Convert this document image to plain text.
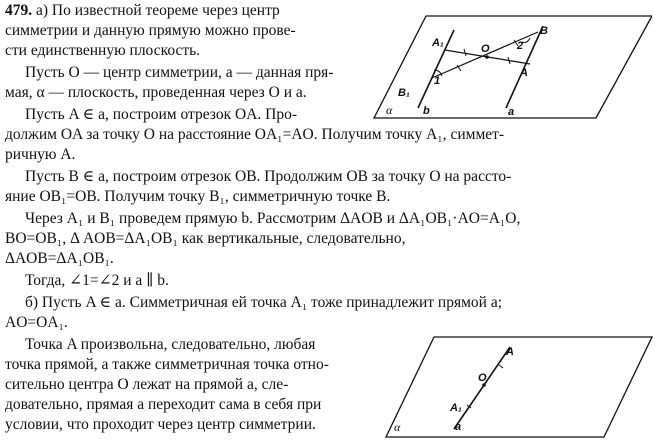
479. а) По известной теореме через центр
симметрии и данную прямую можно прове-
сти единственную плоскость.
Пусть O — центр симметрии, a — данная пря-
мая, α — плоскость, проведенная через O и a.
Пусть A ∈ a, построим отрезок OA. Про-
должим OA за точку O на расстояние OA₁=AO. Получим точку A₁, симмет-
ричную A.
Пусть B ∈ a, построим отрезок OB. Продолжим OB за точку O на рассто-
яние OB₁=OB. Получим точку B₁, симметричную точке B.
Через A₁ и B₁ проведем прямую b. Рассмотрим ΔAOB и ΔA₁OB₁·AO=A₁O,
BO=OB₁, Δ AOB=ΔA₁OB₁ как вертикальные, следовательно,
ΔAOB=ΔA₁OB₁.
Тогда, ∠1=∠2 и a ∥ b.
б) Пусть A ∈ a. Симметричная ей точка A₁ тоже принадлежит прямой a;
AO=OA₁.
Точка A произвольна, следовательно, любая
точка прямой, а также симметричная точка отно-
сительно центра O лежат на прямой a, сле-
довательно, прямая a переходит сама в себя при
условии, что проходит через центр симметрии.
A₁	O 2
B
A
B₁
1
α	b	a
A
O
A₁
a
α
